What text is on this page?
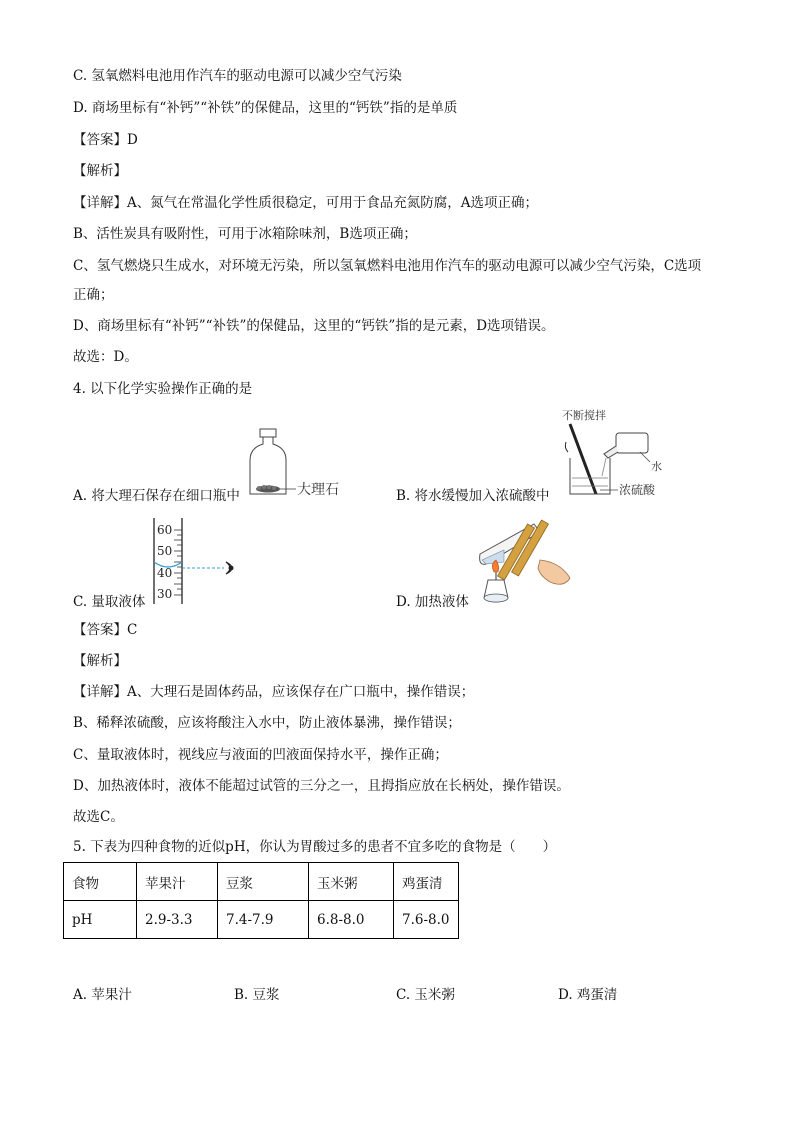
C. 氢氧燃料电池用作汽车的驱动电源可以减少空气污染
D. 商场里标有“补钙”“补铁”的保健品，这里的“钙铁”指的是单质
【答案】D
【解析】
【详解】A、氮气在常温化学性质很稳定，可用于食品充氮防腐，A选项正确；
B、活性炭具有吸附性，可用于冰箱除味剂，B选项正确；
C、氢气燃烧只生成水，对环境无污染，所以氢氧燃料电池用作汽车的驱动电源可以减少空气污染，C选项
正确；
D、商场里标有“补钙”“补铁”的保健品，这里的“钙铁”指的是元素，D选项错误。
故选：D。
4. 以下化学实验操作正确的是
大理石
A. 将大理石保存在细口瓶中
不断搅拌
水
浓硫酸
B. 将水缓慢加入浓硫酸中
60
50
40
30
C. 量取液体	D. 加热液体
【答案】C
【解析】
【详解】A、大理石是固体药品，应该保存在广口瓶中，操作错误；
B、稀释浓硫酸，应该将酸注入水中，防止液体暴沸，操作错误；
C、量取液体时，视线应与液面的凹液面保持水平，操作正确；
D、加热液体时，液体不能超过试管的三分之一，且拇指应放在长柄处，操作错误。
故选C。
5. 下表为四种食物的近似pH，你认为胃酸过多的患者不宜多吃的食物是（　　）
食物	苹果汁	豆浆	玉米粥	鸡蛋清
pH	2.9-3.3	7.4-7.9	6.8-8.0	7.6-8.0
A. 苹果汁	B. 豆浆	C. 玉米粥	D. 鸡蛋清
